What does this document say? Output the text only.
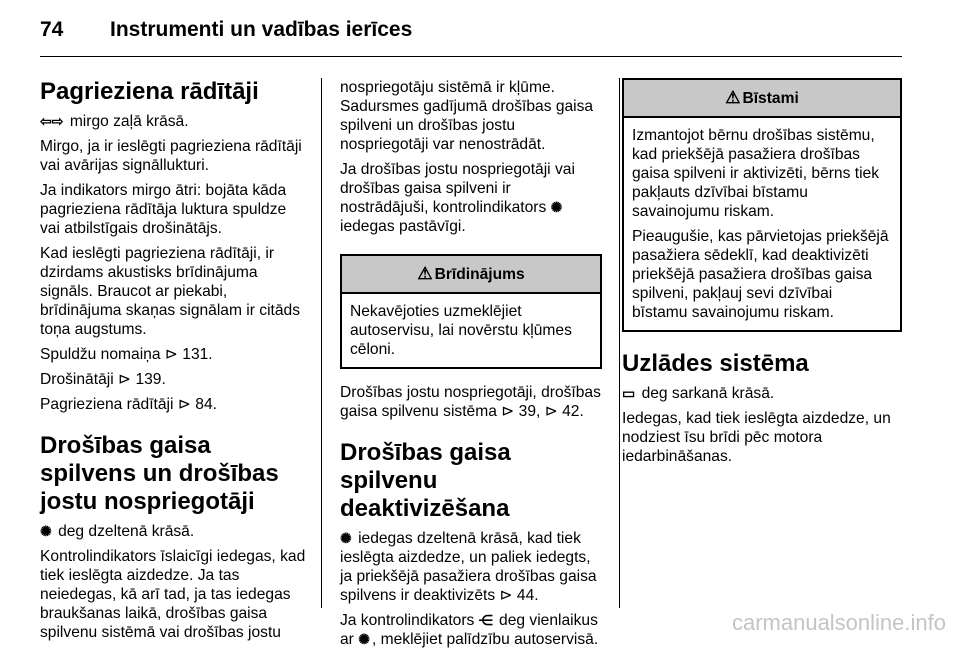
74 Instrumenti un vadības ierīces
Pagrieziena rādītāji

⇦⇨ mirgo zaļā krāsā.

Mirgo, ja ir ieslēgti pagrieziena rādītāji vai avārijas signāllukturi.

Ja indikators mirgo ātri: bojāta kāda pagrieziena rādītāja luktura spuldze vai atbilstīgais drošinātājs.

Kad ieslēgti pagrieziena rādītāji, ir dzirdams akustisks brīdinājuma signāls. Braucot ar piekabi, brīdinājuma skaņas signālam ir citāds toņa augstums.

Spuldžu nomaiņa ⊳ 131.

Drošinātāji ⊳ 139.

Pagrieziena rādītāji ⊳ 84.

Drošības gaisa spilvens un drošības jostu nospriegotāji

✺ deg dzeltenā krāsā.

Kontrolindikators īslaicīgi iedegas, kad tiek ieslēgta aizdedze. Ja tas neiedegas, kā arī tad, ja tas iedegas braukšanas laikā, drošības gaisa spilvenu sistēmā vai drošības jostu

nospriegotāju sistēmā ir kļūme. Sadursmes gadījumā drošības gaisa spilveni un drošības jostu nospriegotāji var nenostrādāt.

Ja drošības jostu nospriegotāji vai drošības gaisa spilveni ir nostrādājuši, kontrolindikators ✺ iedegas pastāvīgi.

⚠ Brīdinājums

Nekavējoties uzmeklējiet autoservisu, lai novērstu kļūmes cēloni.

Drošības jostu nospriegotāji, drošības gaisa spilvenu sistēma ⊳ 39, ⊳ 42.

Drošības gaisa spilvenu deaktivizēšana

✺ iedegas dzeltenā krāsā, kad tiek ieslēgta aizdedze, un paliek iedegts, ja priekšējā pasažiera drošības gaisa spilvens ir deaktivizēts ⊳ 44.

Ja kontrolindikators ⋲ deg vienlaikus ar ✺ , meklējiet palīdzību autoservisā.

⚠ Bīstami

Izmantojot bērnu drošības sistēmu, kad priekšējā pasažiera drošības gaisa spilveni ir aktivizēti, bērns tiek pakļauts dzīvībai bīstamu savainojumu riskam.

Pieaugušie, kas pārvietojas priekšējā pasažiera sēdeklī, kad deaktivizēti priekšējā pasažiera drošības gaisa spilveni, pakļauj sevi dzīvībai bīstamu savainojumu riskam.

Uzlādes sistēma

▭ deg sarkanā krāsā.

Iedegas, kad tiek ieslēgta aizdedze, un nodziest īsu brīdi pēc motora iedarbināšanas.

carmanualsonline.info
